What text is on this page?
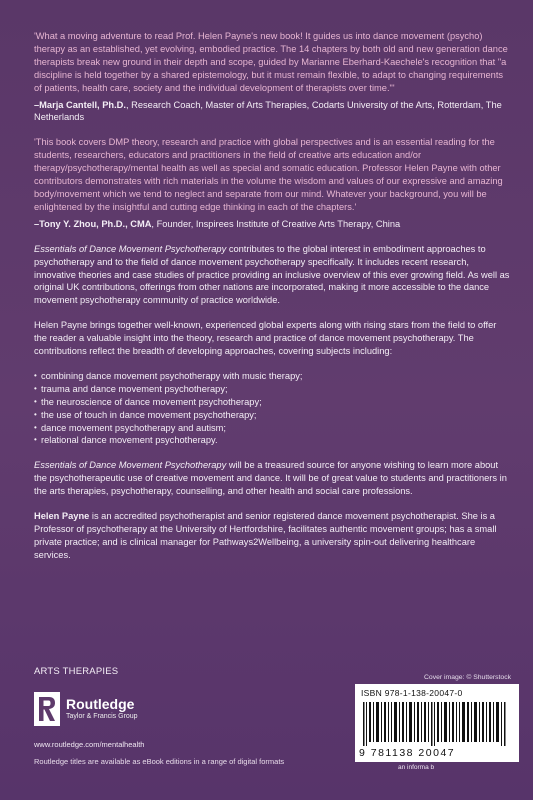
'What a moving adventure to read Prof. Helen Payne's new book! It guides us into dance movement (psycho) therapy as an established, yet evolving, embodied practice. The 14 chapters by both old and new generation dance therapists break new ground in their depth and scope, guided by Marianne Eberhard-Kaechele's recognition that "a discipline is held together by a shared epistemology, but it must remain flexible, to adapt to changing requirements of patients, health care, society and the individual development of therapists over time."'

–Marja Cantell, Ph.D., Research Coach, Master of Arts Therapies, Codarts University of the Arts, Rotterdam, The Netherlands

'This book covers DMP theory, research and practice with global perspectives and is an essential reading for the students, researchers, educators and practitioners in the field of creative arts education and/or therapy/psychotherapy/mental health as well as special and somatic education. Professor Helen Payne with other contributors demonstrates with rich materials in the volume the wisdom and values of our expressive and amazing body/movement which we tend to neglect and separate from our mind. Whatever your background, you will be enlightened by the insightful and cutting edge thinking in each of the chapters.'

–Tony Y. Zhou, Ph.D., CMA, Founder, Inspirees Institute of Creative Arts Therapy, China

Essentials of Dance Movement Psychotherapy contributes to the global interest in embodiment approaches to psychotherapy and to the field of dance movement psychotherapy specifically. It includes recent research, innovative theories and case studies of practice providing an inclusive overview of this ever growing field. As well as original UK contributions, offerings from other nations are incorporated, making it more accessible to the dance movement psychotherapy community of practice worldwide.

Helen Payne brings together well-known, experienced global experts along with rising stars from the field to offer the reader a valuable insight into the theory, research and practice of dance movement psychotherapy. The contributions reflect the breadth of developing approaches, covering subjects including:

• combining dance movement psychotherapy with music therapy;
• trauma and dance movement psychotherapy;
• the neuroscience of dance movement psychotherapy;
• the use of touch in dance movement psychotherapy;
• dance movement psychotherapy and autism;
• relational dance movement psychotherapy.

Essentials of Dance Movement Psychotherapy will be a treasured source for anyone wishing to learn more about the psychotherapeutic use of creative movement and dance. It will be of great value to students and practitioners in the arts therapies, psychotherapy, counselling, and other health and social care professions.

Helen Payne is an accredited psychotherapist and senior registered dance movement psychotherapist. She is a Professor of psychotherapy at the University of Hertfordshire, facilitates authentic movement groups; has a small private practice; and is clinical manager for Pathways2Wellbeing, a university spin-out delivering healthcare services.

ARTS THERAPIES
Routledge
Taylor & Francis Group
www.routledge.com/mentalhealth
Routledge titles are available as eBook editions in a range of digital formats
Cover image: © Shutterstock
ISBN 978-1-138-20047-0
9 781138 20047
an informa b
